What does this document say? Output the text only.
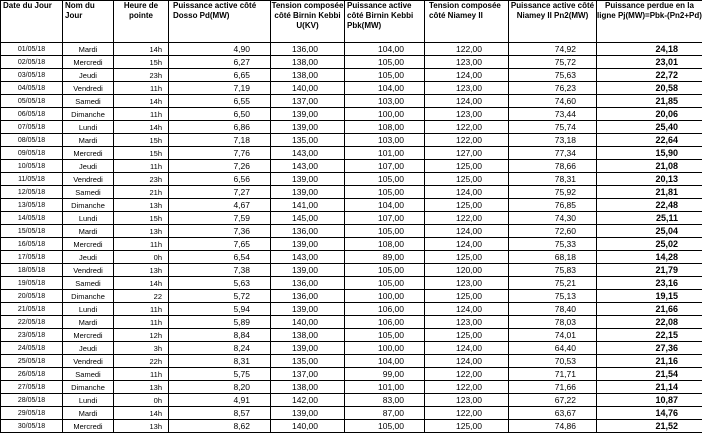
Date du Jour	Nom du Jour	Heure de pointe	Puissance active côté Dosso Pd(MW)	Tension composée côté Birnin Kebbi U(KV)	Puissance active côté Birnin Kebbi Pbk(MW)	Tension composée côté Niamey II	Puissance active côté Niamey II Pn2(MW)	Puissance perdue en la ligne Pj(MW)=Pbk-(Pn2+Pd)

01/05/18	Mardi	14h	4,90	136,00	104,00	122,00	74,92	24,18
02/05/18	Mercredi	15h	6,27	138,00	105,00	123,00	75,72	23,01
03/05/18	Jeudi	23h	6,65	138,00	105,00	124,00	75,63	22,72
04/05/18	Vendredi	11h	7,19	140,00	104,00	123,00	76,23	20,58
05/05/18	Samedi	14h	6,55	137,00	103,00	124,00	74,60	21,85
06/05/18	Dimanche	11h	6,50	139,00	100,00	123,00	73,44	20,06
07/05/18	Lundi	14h	6,86	139,00	108,00	122,00	75,74	25,40
08/05/18	Mardi	15h	7,18	135,00	103,00	122,00	73,18	22,64
09/05/18	Mercredi	15h	7,76	143,00	101,00	127,00	77,34	15,90
10/05/18	Jeudi	11h	7,26	143,00	107,00	125,00	78,66	21,08
11/05/18	Vendredi	23h	6,56	139,00	105,00	125,00	78,31	20,13
12/05/18	Samedi	21h	7,27	139,00	105,00	124,00	75,92	21,81
13/05/18	Dimanche	13h	4,67	141,00	104,00	125,00	76,85	22,48
14/05/18	Lundi	15h	7,59	145,00	107,00	122,00	74,30	25,11
15/05/18	Mardi	13h	7,36	136,00	105,00	124,00	72,60	25,04
16/05/18	Mercredi	11h	7,65	139,00	108,00	124,00	75,33	25,02
17/05/18	Jeudi	0h	6,54	143,00	89,00	125,00	68,18	14,28
18/05/18	Vendredi	13h	7,38	139,00	105,00	120,00	75,83	21,79
19/05/18	Samedi	14h	5,63	136,00	105,00	123,00	75,21	23,16
20/05/18	Dimanche	22	5,72	136,00	100,00	125,00	75,13	19,15
21/05/18	Lundi	11h	5,94	139,00	106,00	124,00	78,40	21,66
22/05/18	Mardi	11h	5,89	140,00	106,00	123,00	78,03	22,08
23/05/18	Mercredi	12h	8,84	138,00	105,00	125,00	74,01	22,15
24/05/18	Jeudi	3h	8,24	139,00	100,00	124,00	64,40	27,36
25/05/18	Vendredi	22h	8,31	135,00	104,00	124,00	70,53	21,16
26/05/18	Samedi	11h	5,75	137,00	99,00	122,00	71,71	21,54
27/05/18	Dimanche	13h	8,20	138,00	101,00	122,00	71,66	21,14
28/05/18	Lundi	0h	4,91	142,00	83,00	123,00	67,22	10,87
29/05/18	Mardi	14h	8,57	139,00	87,00	122,00	63,67	14,76
30/05/18	Mercredi	13h	8,62	140,00	105,00	125,00	74,86	21,52
